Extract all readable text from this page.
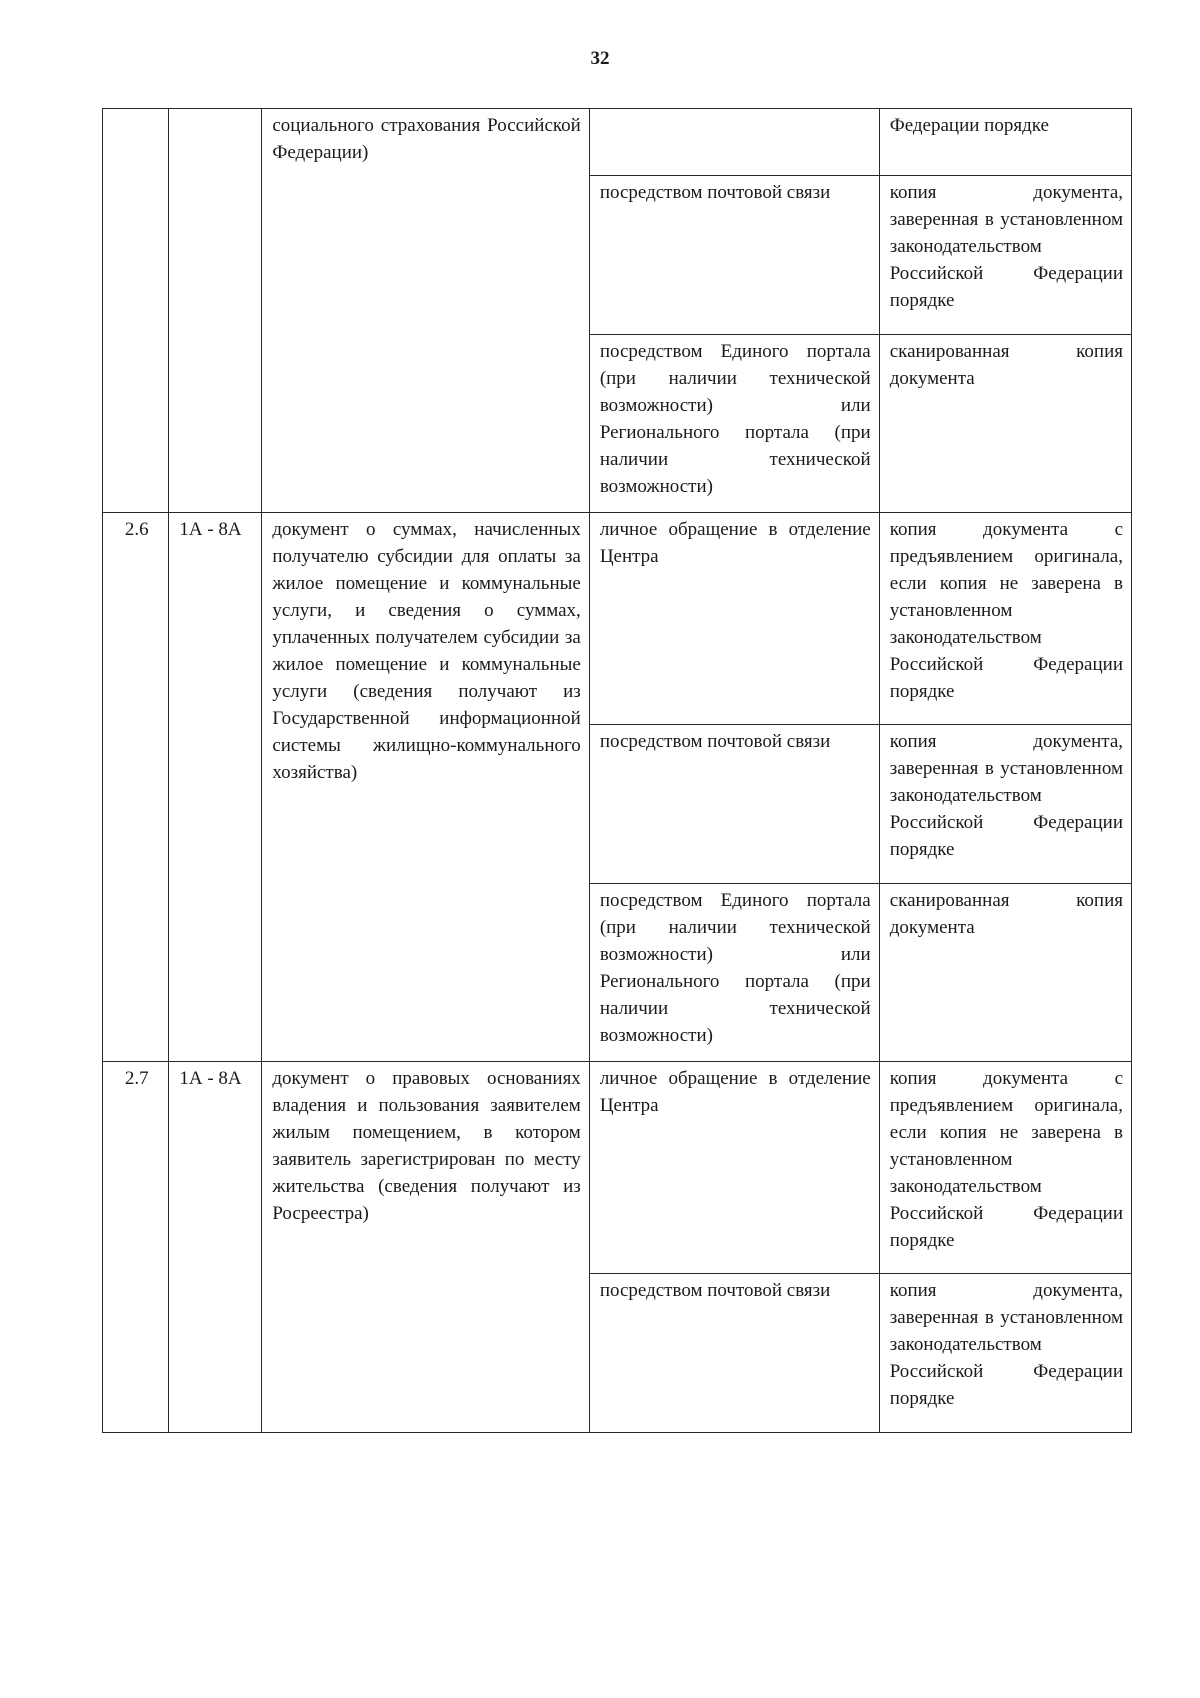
32
		социального страхования Российской Федерации)		Федерации порядке
			посредством почтовой связи	копия документа, заверенная в установленном законодательством Российской Федерации порядке
			посредством Единого портала (при наличии технической возможности) или Регионального портала (при наличии технической возможности)	сканированная копия документа
2.6	1А - 8А	документ о суммах, начисленных получателю субсидии для оплаты за жилое помещение и коммунальные услуги, и сведения о суммах, уплаченных получателем субсидии за жилое помещение и коммунальные услуги (сведения получают из Государственной информационной системы жилищно-коммунального хозяйства)	личное обращение в отделение Центра	копия документа с предъявлением оригинала, если копия не заверена в установленном законодательством Российской Федерации порядке
			посредством почтовой связи	копия документа, заверенная в установленном законодательством Российской Федерации порядке
			посредством Единого портала (при наличии технической возможности) или Регионального портала (при наличии технической возможности)	сканированная копия документа
2.7	1А - 8А	документ о правовых основаниях владения и пользования заявителем жилым помещением, в котором заявитель зарегистрирован по месту жительства (сведения получают из Росреестра)	личное обращение в отделение Центра	копия документа с предъявлением оригинала, если копия не заверена в установленном законодательством Российской Федерации порядке
			посредством почтовой связи	копия документа, заверенная в установленном законодательством Российской Федерации порядке
